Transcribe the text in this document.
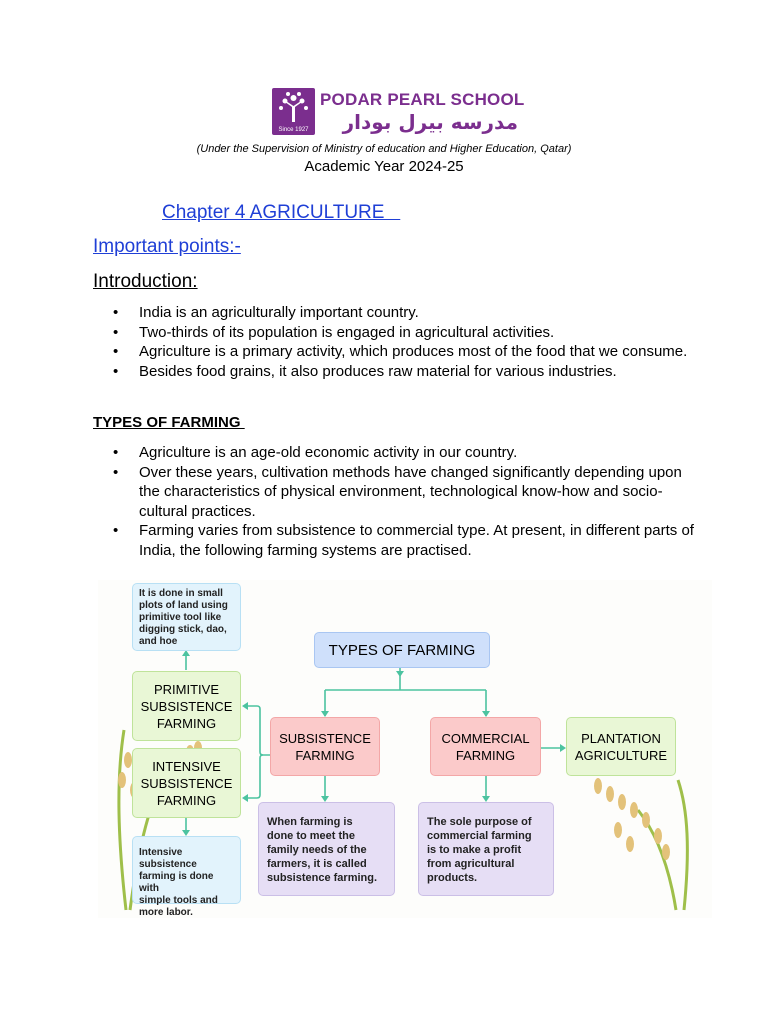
Since 1927
PODAR PEARL SCHOOL
مدرسه بيرل بودار
(Under the Supervision of Ministry of education and Higher Education, Qatar)
Academic Year 2024-25
Chapter 4 AGRICULTURE
Important points:-
Introduction:
• India is an agriculturally important country.
• Two-thirds of its population is engaged in agricultural activities.
• Agriculture is a primary activity, which produces most of the food that we consume.
• Besides food grains, it also produces raw material for various industries.
TYPES OF FARMING
• Agriculture is an age-old economic activity in our country.
• Over these years, cultivation methods have changed significantly depending upon the characteristics of physical environment, technological know-how and socio-cultural practices.
• Farming varies from subsistence to commercial type. At present, in different parts of India, the following farming systems are practised.
TYPES OF FARMING
SUBSISTENCE
FARMING
COMMERCIAL
FARMING
PLANTATION
AGRICULTURE
PRIMITIVE
SUBSISTENCE
FARMING
INTENSIVE
SUBSISTENCE
FARMING
It is done in small
plots of land using
primitive tool like
digging stick, dao,
and hoe
Intensive subsistence
farming is done with
simple tools and
more labor.
When farming is
done to meet the
family needs of the
farmers, it is called
subsistence farming.
The sole purpose of
commercial farming
is to make a profit
from agricultural
products.
